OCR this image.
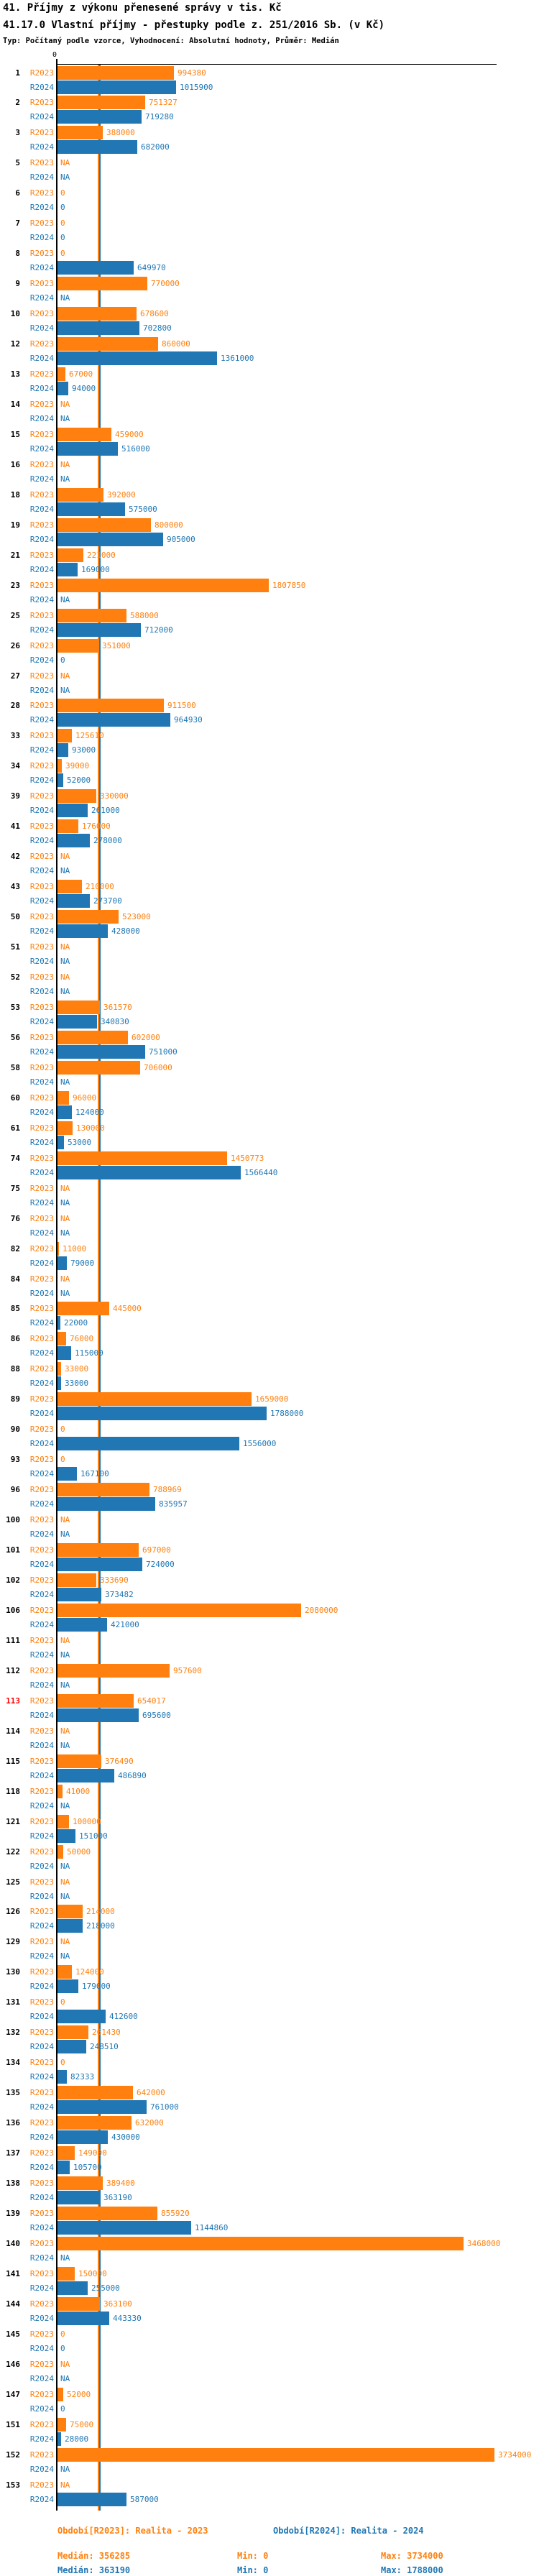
41. Příjmy z výkonu přenesené správy v tis. Kč
41.17.0 Vlastní příjmy - přestupky podle z. 251/2016 Sb. (v Kč)
Typ: Počítaný podle vzorce, Vyhodnocení: Absolutní hodnoty, Průměr: Medián
0
1	R2023	994380
R2024	1015900
2	R2023	751327
R2024	719280
3	R2023	388000
R2024	682000
5	R2023 NA
R2024 NA
6	R2023 0
R2024 0
7	R2023 0
R2024 0
8	R2023 0
R2024	649970
9	R2023	770000
R2024 NA
10	R2023	678600
R2024	702800
12	R2023	860000
R2024	1361000
13	R2023 67000
R2024 94000
14	R2023 NA
R2024 NA
15	R2023	459000
R2024	516000
16	R2023 NA
R2024 NA
18	R2023	392000
R2024	575000
19	R2023	800000
R2024	905000
21	R2023	221000
R2024	169000
23	R2023	1807850
R2024 NA
25	R2023	588000
R2024	712000
26	R2023	351000
R2024 0
27	R2023 NA
R2024 NA
28	R2023	911500
R2024	964930
33	R2023	125610
R2024 93000
34	R2023 39000
R2024 52000
39	R2023	330000
R2024	261000
41	R2023	176000
R2024	278000
42	R2023 NA
R2024 NA
43	R2023	210000
R2024	273700
50	R2023	523000
R2024	428000
51	R2023 NA
R2024 NA
52	R2023 NA
R2024 NA
53	R2023	361570
R2024	340830
56	R2023	602000
R2024	751000
58	R2023	706000
R2024 NA
60	R2023 96000
R2024	124000
61	R2023	130000
R2024 53000
74	R2023	1450773
R2024	1566440
75	R2023 NA
R2024 NA
76	R2023 NA
R2024 NA
82	R2023 11000
R2024 79000
84	R2023 NA
R2024 NA
85	R2023	445000
R2024 22000
86	R2023 76000
R2024	115000
88	R2023 33000
R2024 33000
89	R2023	1659000
R2024	1788000
90	R2023 0
R2024	1556000
93	R2023 0
R2024	167100
96	R2023	788969
R2024	835957
100	R2023 NA
R2024 NA
101	R2023	697000
R2024	724000
102	R2023	333690
R2024	373482
106	R2023	2080000
R2024	421000
111	R2023 NA
R2024 NA
112	R2023	957600
R2024 NA
113	R2023	654017
R2024	695600
114	R2023 NA
R2024 NA
115	R2023	376490
R2024	486890
118	R2023 41000
R2024 NA
121	R2023 100000
R2024	151000
122	R2023 50000
R2024 NA
125	R2023 NA
R2024 NA
126	R2023	214000
R2024	218000
129	R2023 NA
R2024 NA
130	R2023	124000
R2024	179000
131	R2023 0
R2024	412600
132	R2023	261430
R2024	248510
134	R2023 0
R2024 82333
135	R2023	642000
R2024	761000
136	R2023	632000
R2024	430000
137	R2023	149000
R2024 105700
138	R2023	389400
R2024	363190
139	R2023	855920
R2024	1144860
140	R2023	3468000
R2024 NA
141	R2023	150000
R2024	255000
144	R2023	363100
R2024	443330
145	R2023 0
R2024 0
146	R2023 NA
R2024 NA
147	R2023 52000
R2024 0
151	R2023 75000
R2024 28000
152	R2023	3734000
R2024 NA
153	R2023 NA
R2024	587000
Období[R2023]: Realita - 2023	Období[R2024]: Realita - 2024
Medián: 356285	Min: 0	Max: 3734000
Medián: 363190	Min: 0	Max: 1788000
